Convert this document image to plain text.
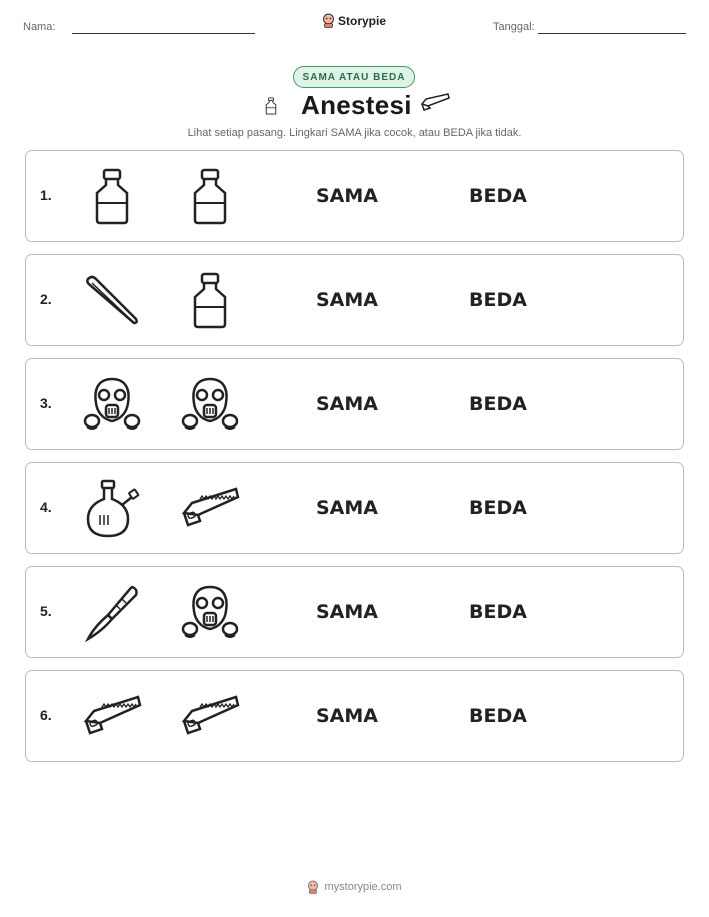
Nama:	Storypie	Tanggal:
SAMA ATAU BEDA
Anestesi
Lihat setiap pasang. Lingkari SAMA jika cocok, atau BEDA jika tidak.
1.	SAMA	BEDA
2.	SAMA	BEDA
3.	SAMA	BEDA
4.	SAMA	BEDA
5.	SAMA	BEDA
6.	SAMA	BEDA
mystorypie.com
